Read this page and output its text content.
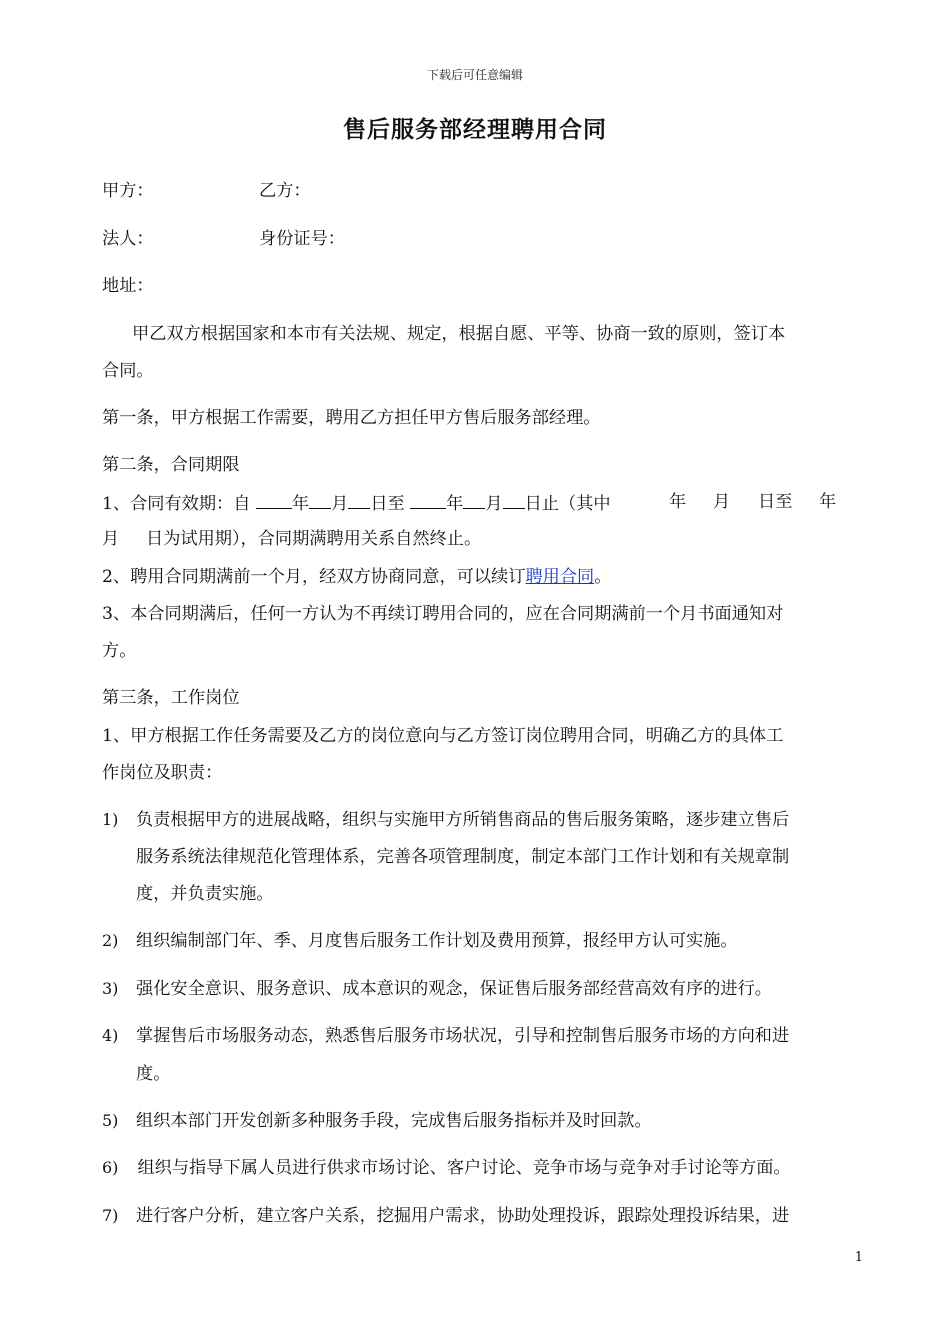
下载后可任意编辑
售后服务部经理聘用合同
甲方：	乙方：
法人：	身份证号：
地址：
甲乙双方根据国家和本市有关法规、规定，根据自愿、平等、协商一致的原则，签订本
合同。
第一条，甲方根据工作需要，聘用乙方担任甲方售后服务部经理。
第二条，合同期限
1、合同有效期：自 年 月 日至 年 月 日止（其中	年 月 日至 年
月 日为试用期），合同期满聘用关系自然终止。
2、聘用合同期满前一个月，经双方协商同意，可以续订聘用合同。
3、本合同期满后，任何一方认为不再续订聘用合同的，应在合同期满前一个月书面通知对
方。
第三条，工作岗位
1、甲方根据工作任务需要及乙方的岗位意向与乙方签订岗位聘用合同，明确乙方的具体工
作岗位及职责：
1) 负责根据甲方的进展战略，组织与实施甲方所销售商品的售后服务策略，逐步建立售后
服务系统法律规范化管理体系，完善各项管理制度，制定本部门工作计划和有关规章制
度，并负责实施。
2) 组织编制部门年、季、月度售后服务工作计划及费用预算，报经甲方认可实施。
3) 强化安全意识、服务意识、成本意识的观念，保证售后服务部经营高效有序的进行。
4) 掌握售后市场服务动态，熟悉售后服务市场状况，引导和控制售后服务市场的方向和进
度。
5) 组织本部门开发创新多种服务手段，完成售后服务指标并及时回款。
6) 组织与指导下属人员进行供求市场讨论、客户讨论、竞争市场与竞争对手讨论等方面。
7) 进行客户分析，建立客户关系，挖掘用户需求，协助处理投诉，跟踪处理投诉结果，进
1
